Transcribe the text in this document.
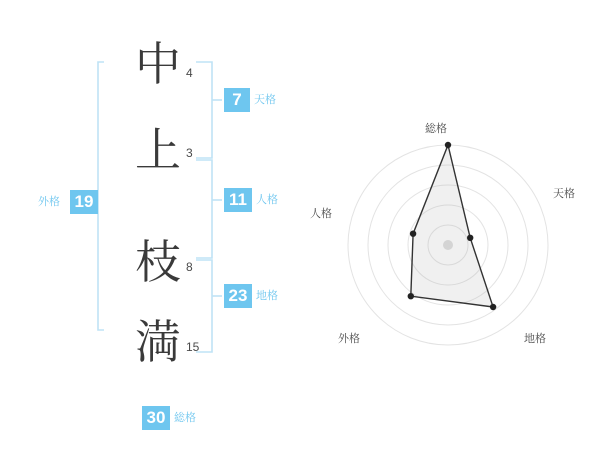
中 4
上 3
枝 8
満 15
7	天格
11 人格
23 地格
外格 19
30 総格
総格
天格
地格
外格
人格
